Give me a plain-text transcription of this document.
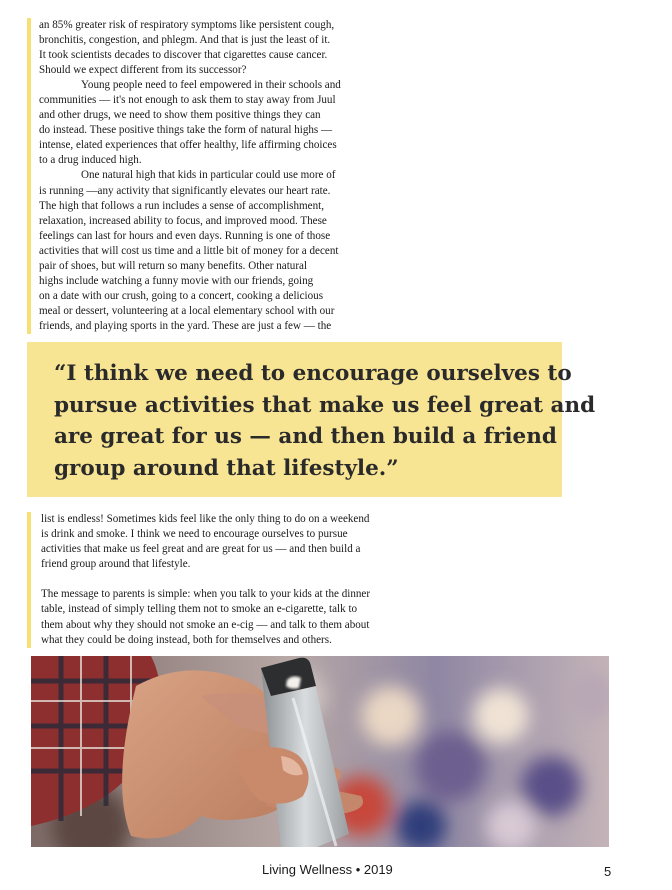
an 85% greater risk of respiratory symptoms like persistent cough,
bronchitis, congestion, and phlegm. And that is just the least of it.
It took scientists decades to discover that cigarettes cause cancer.
Should we expect different from its successor?
Young people need to feel empowered in their schools and
communities — it's not enough to ask them to stay away from Juul
and other drugs, we need to show them positive things they can
do instead. These positive things take the form of natural highs —
intense, elated experiences that offer healthy, life affirming choices
to a drug induced high.
One natural high that kids in particular could use more of
is running —any activity that significantly elevates our heart rate.
The high that follows a run includes a sense of accomplishment,
relaxation, increased ability to focus, and improved mood. These
feelings can last for hours and even days. Running is one of those
activities that will cost us time and a little bit of money for a decent
pair of shoes, but will return so many benefits. Other natural
highs include watching a funny movie with our friends, going
on a date with our crush, going to a concert, cooking a delicious
meal or dessert, volunteering at a local elementary school with our
friends, and playing sports in the yard. These are just a few — the
“I think we need to encourage ourselves to
pursue activities that make us feel great and
are great for us — and then build a friend
group around that lifestyle.”
list is endless! Sometimes kids feel like the only thing to do on a weekend
is drink and smoke. I think we need to encourage ourselves to pursue
activities that make us feel great and are great for us — and then build a
friend group around that lifestyle.
The message to parents is simple: when you talk to your kids at the dinner
table, instead of simply telling them not to smoke an e-cigarette, talk to
them about why they should not smoke an e-cig — and talk to them about
what they could be doing instead, both for themselves and others.
Living Wellness • 2019	5
